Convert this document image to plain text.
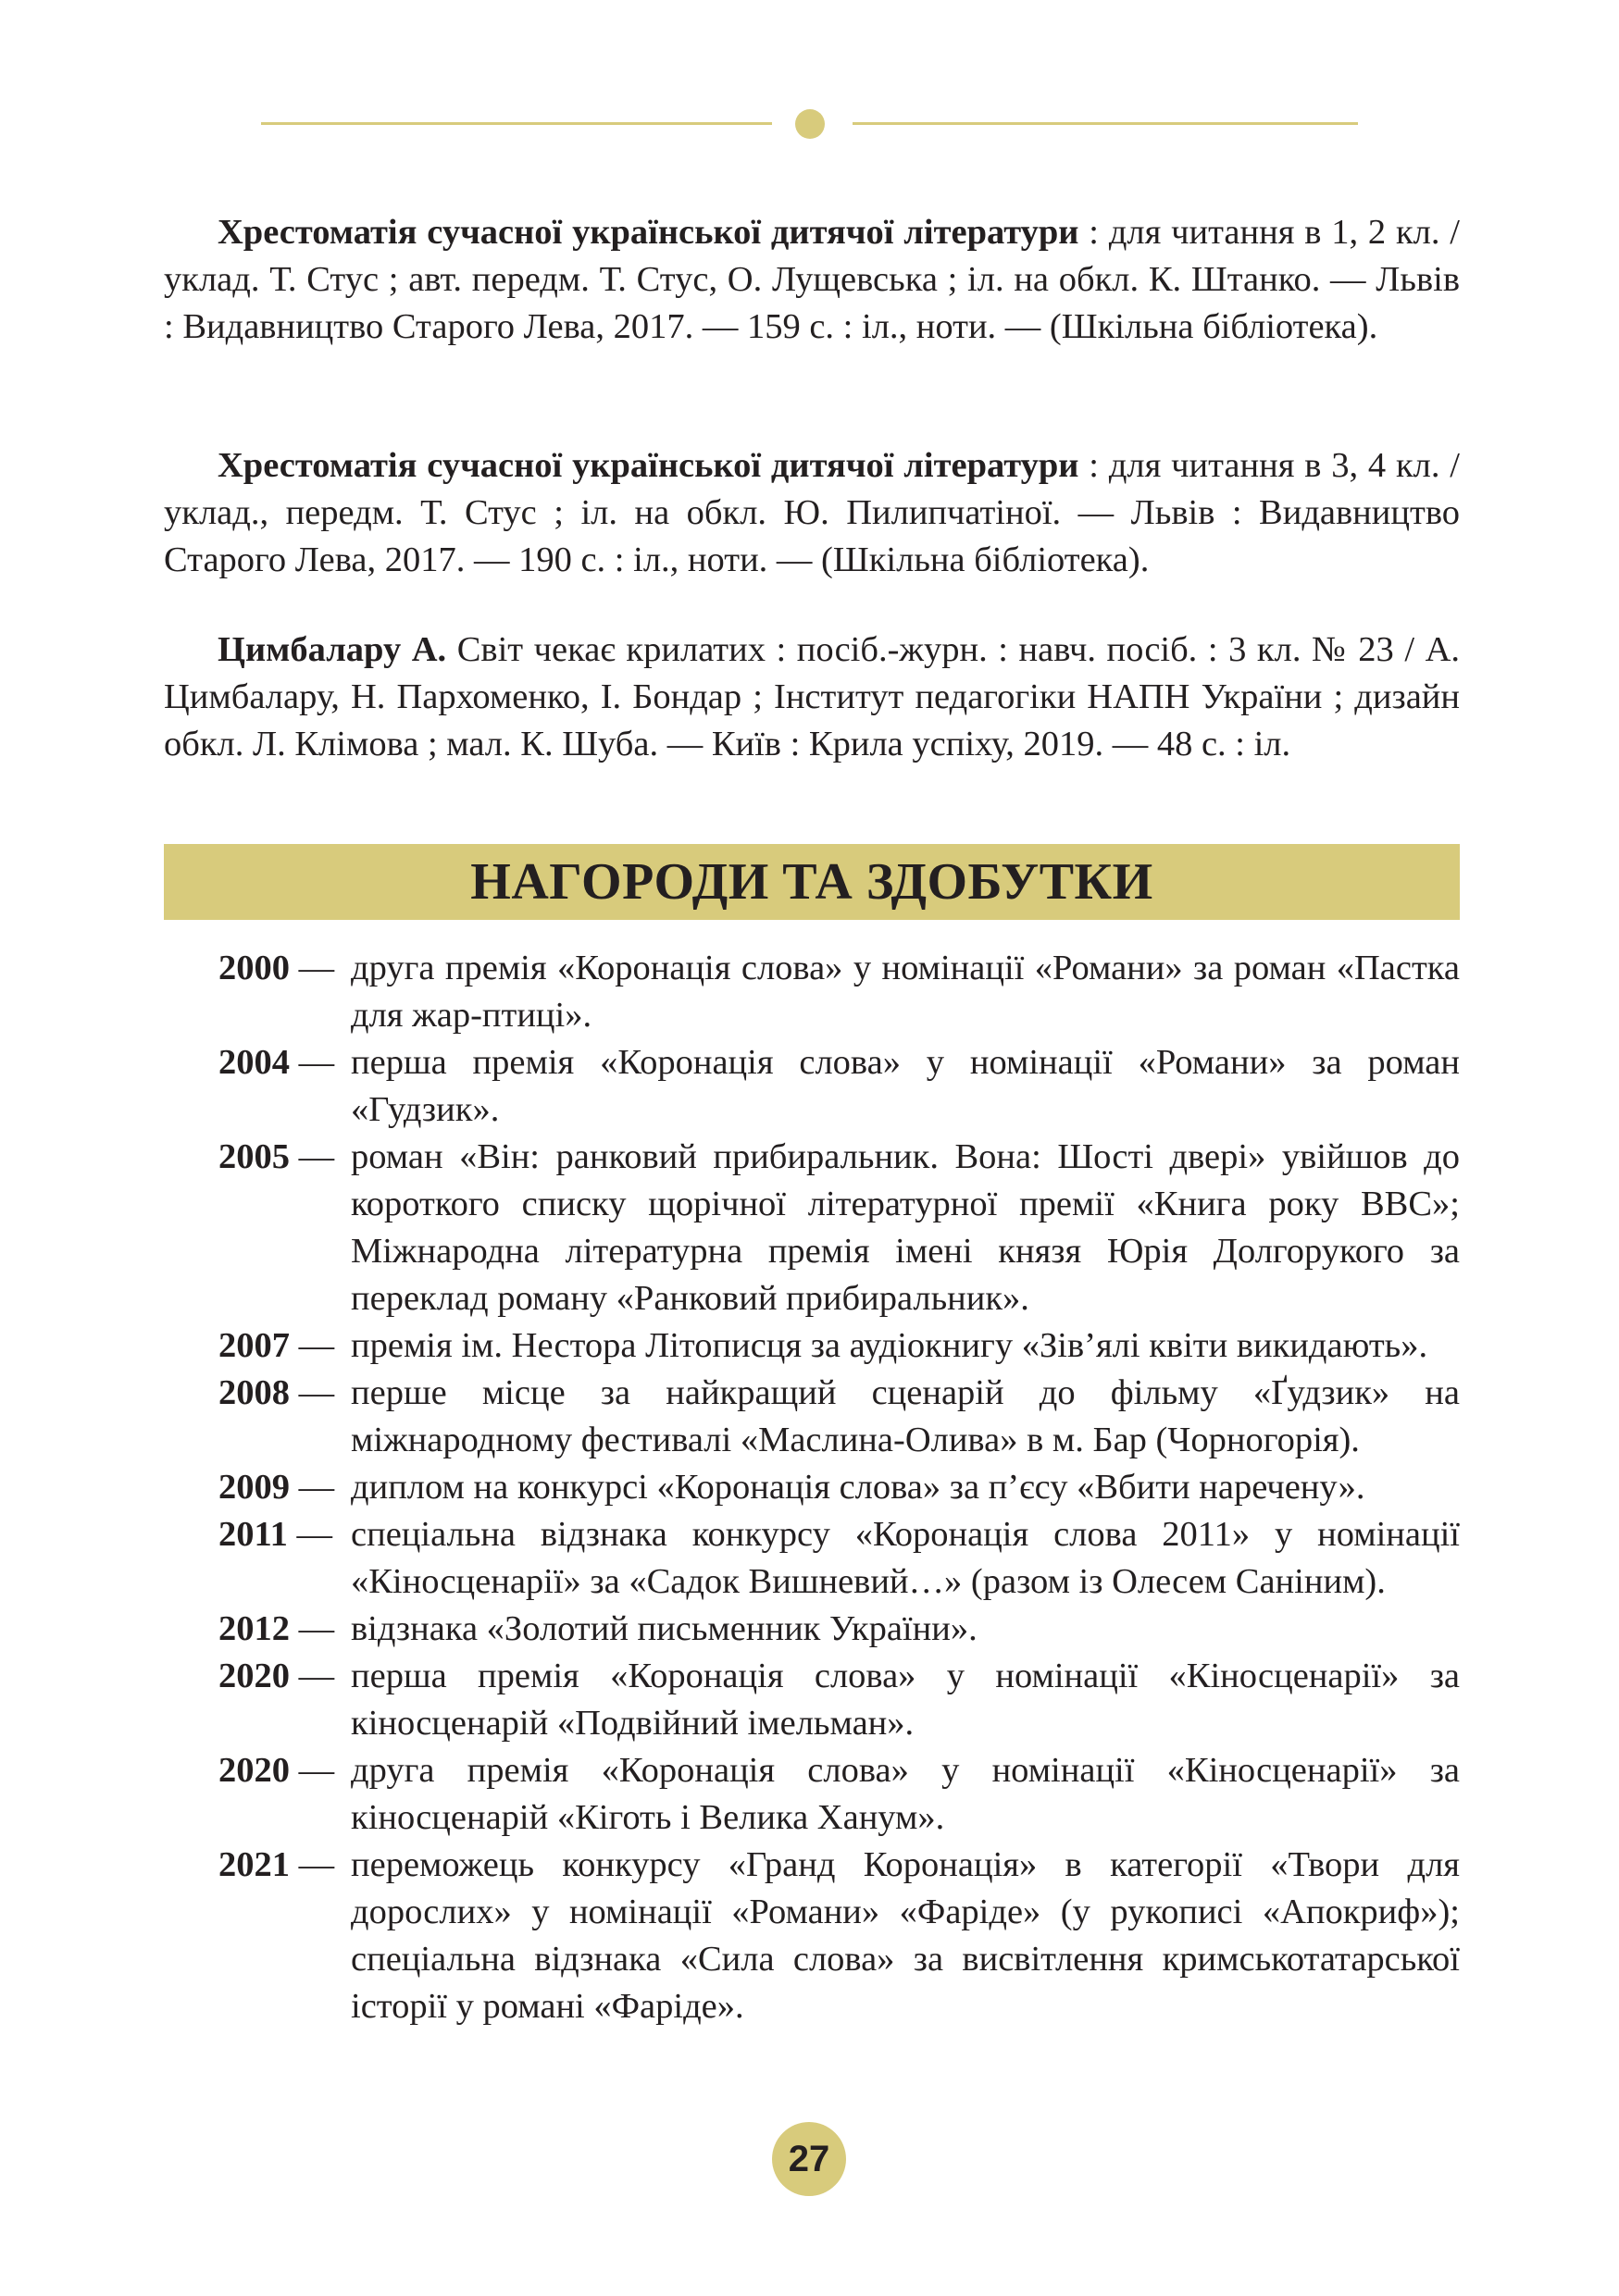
Хрестоматія сучасної української дитячої літератури : для читання в 1, 2 кл. / уклад. Т. Стус ; авт. передм. Т. Стус, О. Лущевська ; іл. на обкл. К. Штанко. — Львів : Видавництво Старого Лева, 2017. — 159 с. : іл., ноти. — (Шкільна бібліотека).

Хрестоматія сучасної української дитячої літератури : для читання в 3, 4 кл. / уклад., передм. Т. Стус ; іл. на обкл. Ю. Пилипчатіної. — Львів : Видавництво Старого Лева, 2017. — 190 с. : іл., ноти. — (Шкільна бібліотека).

Цимбалару А. Світ чекає крилатих : посіб.-журн. : навч. посіб. : 3 кл. № 23 / А. Цимбалару, Н. Пархоменко, І. Бондар ; Інститут педагогіки НАПН України ; дизайн обкл. Л. Клімова ; мал. К. Шуба. — Київ : Крила успіху, 2019. — 48 с. : іл.

НАГОРОДИ ТА ЗДОБУТКИ
2000 — друга премія «Коронація слова» у номінації «Романи» за роман «Пастка для жар-птиці».
2004 — перша премія «Коронація слова» у номінації «Романи» за роман «Гудзик».
2005 — роман «Він: ранковий прибиральник. Вона: Шості двері» увійшов до короткого списку щорічної літературної премії «Книга року ВВС»; Міжнародна літературна премія імені князя Юрія Долгорукого за переклад роману «Ранковий прибиральник».
2007 — премія ім. Нестора Літописця за аудіокнигу «Зів’ялі квіти викидають».
2008 — перше місце за найкращий сценарій до фільму «Ґудзик» на міжнародному фестивалі «Маслина-Олива» в м. Бар (Чорногорія).
2009 — диплом на конкурсі «Коронація слова» за п’єсу «Вбити наречену».
2011 — спеціальна відзнака конкурсу «Коронація слова 2011» у номінації «Кіносценарії» за «Садок Вишневий…» (разом із Олесем Саніним).
2012 — відзнака «Золотий письменник України».
2020 — перша премія «Коронація слова» у номінації «Кіносценарії» за кіносценарій «Подвійний імельман».
2020 — друга премія «Коронація слова» у номінації «Кіносценарії» за кіносценарій «Кіготь і Велика Ханум».
2021 — переможець конкурсу «Гранд Коронація» в категорії «Твори для дорослих» у номінації «Романи» «Фаріде» (у рукописі «Апокриф»); спеціальна відзнака «Сила слова» за висвітлення кримськотатарської історії у романі «Фаріде».
27
